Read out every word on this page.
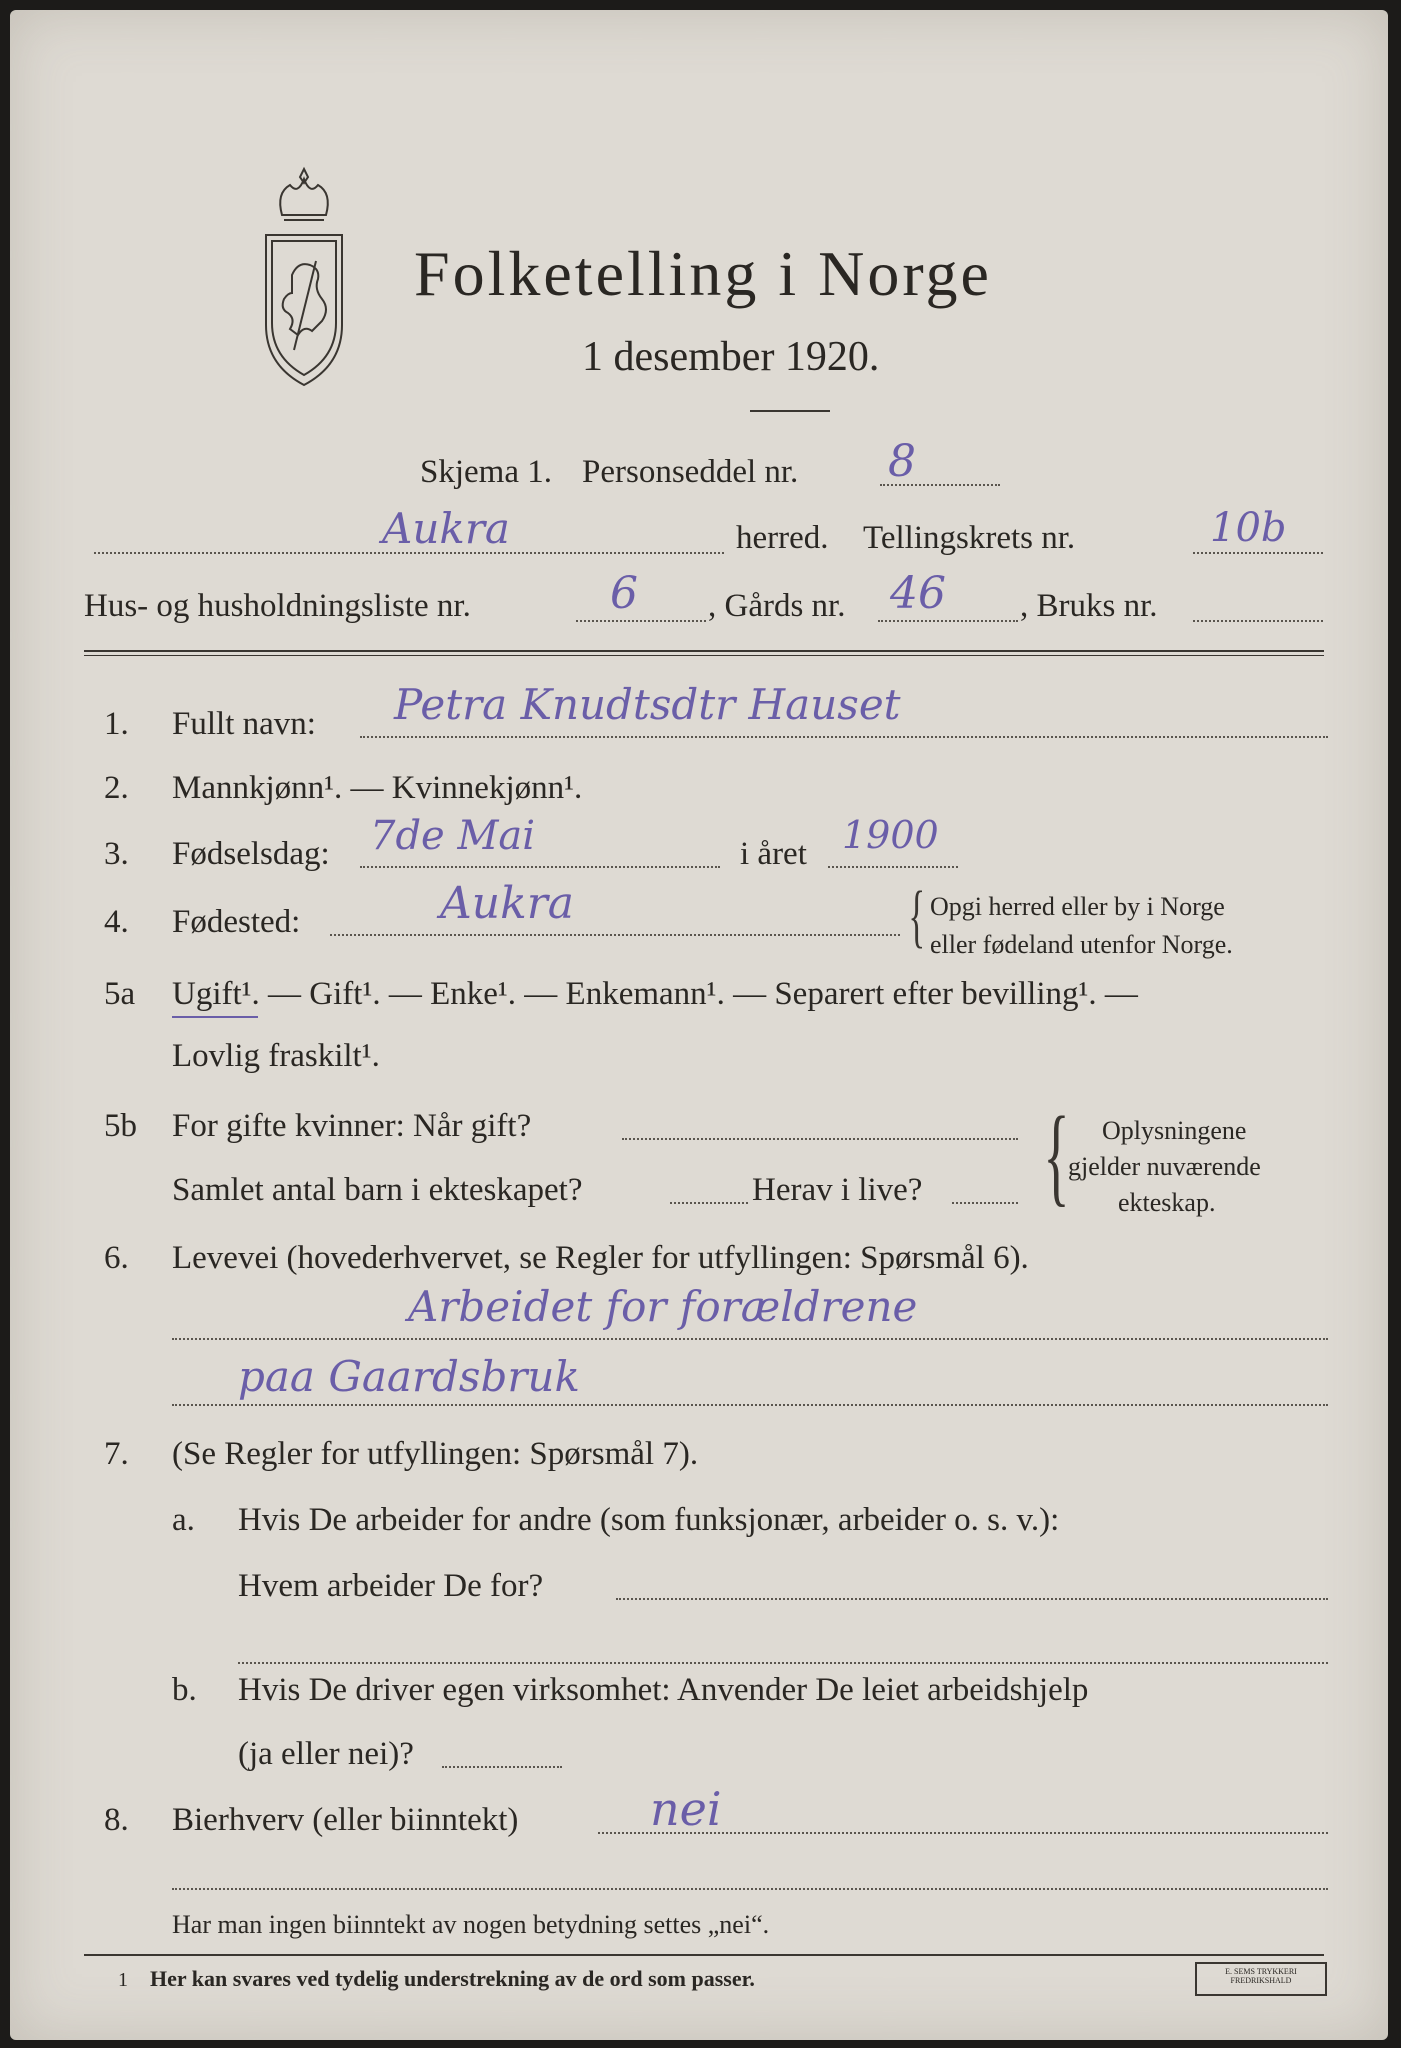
Folketelling i Norge
1 desember 1920.
Skjema 1. Personseddel nr. 8
Aukra	herred. Tellingskrets nr.	10b
Hus- og husholdningsliste nr.	6 , Gårds nr. 46 , Bruks nr.
1. Fullt navn: Petra Knudtsdtr Hauset
2. Mannkjønn¹. — Kvinnekjønn¹.
3. Fødselsdag: 7de Mai	i året 1900
4. Fødested:	Aukra	{ Opgi herred eller by i Norge
eller fødeland utenfor Norge.
5a Ugift¹. — Gift¹. — Enke¹. — Enkemann¹. — Separert efter bevilling¹. —
Lovlig fraskilt¹.
5b For gifte kvinner: Når gift?
Samlet antal barn i ekteskapet?	Herav i live? { Oplysningene
gjelder nuværende
ekteskap.
6. Levevei (hovederhvervet, se Regler for utfyllingen: Spørsmål 6).
Arbeidet for forældrene
paa Gaardsbruk
7. (Se Regler for utfyllingen: Spørsmål 7).
a. Hvis De arbeider for andre (som funksjonær, arbeider o. s. v.):
Hvem arbeider De for?
b. Hvis De driver egen virksomhet: Anvender De leiet arbeidshjelp
(ja eller nei)?
8. Bierhverv (eller biinntekt)	nei
Har man ingen biinntekt av nogen betydning settes „nei“.
1 Her kan svares ved tydelig understrekning av de ord som passer.	E. SEMS TRYKKERI FREDRIKSHALD
